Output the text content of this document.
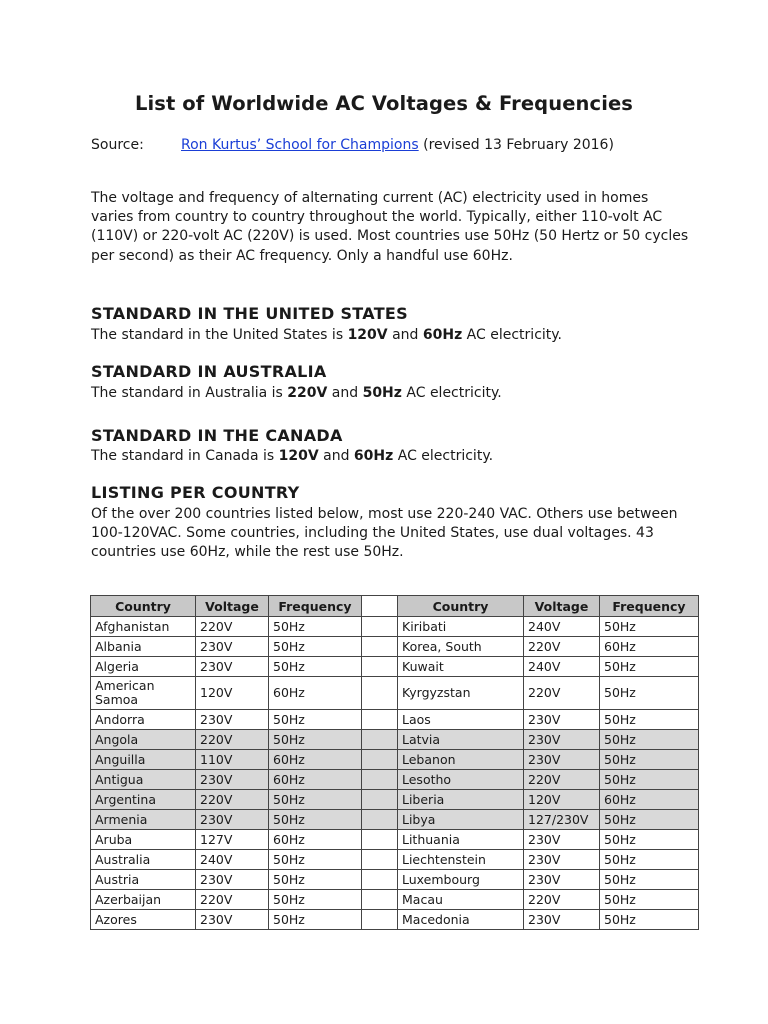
List of Worldwide AC Voltages & Frequencies
Source:	Ron Kurtus’ School for Champions (revised 13 February 2016)

The voltage and frequency of alternating current (AC) electricity used in homes varies from country to country throughout the world. Typically, either 110-volt AC (110V) or 220-volt AC (220V) is used. Most countries use 50Hz (50 Hertz or 50 cycles per second) as their AC frequency. Only a handful use 60Hz.

STANDARD IN THE UNITED STATES

The standard in the United States is 120V and 60Hz AC electricity.

STANDARD IN AUSTRALIA

The standard in Australia is 220V and 50Hz AC electricity.

STANDARD IN THE CANADA

The standard in Canada is 120V and 60Hz AC electricity.

LISTING PER COUNTRY

Of the over 200 countries listed below, most use 220-240 VAC. Others use between 100-120VAC. Some countries, including the United States, use dual voltages. 43 countries use 60Hz, while the rest use 50Hz.

Country	Voltage	Frequency		Country	Voltage	Frequency
Afghanistan	220V	50Hz		Kiribati	240V	50Hz
Albania	230V	50Hz		Korea, South	220V	60Hz
Algeria	230V	50Hz		Kuwait	240V	50Hz
American Samoa	120V	60Hz		Kyrgyzstan	220V	50Hz
Andorra	230V	50Hz		Laos	230V	50Hz
Angola	220V	50Hz		Latvia	230V	50Hz
Anguilla	110V	60Hz		Lebanon	230V	50Hz
Antigua	230V	60Hz		Lesotho	220V	50Hz
Argentina	220V	50Hz		Liberia	120V	60Hz
Armenia	230V	50Hz		Libya	127/230V	50Hz
Aruba	127V	60Hz		Lithuania	230V	50Hz
Australia	240V	50Hz		Liechtenstein	230V	50Hz
Austria	230V	50Hz		Luxembourg	230V	50Hz
Azerbaijan	220V	50Hz		Macau	220V	50Hz
Azores	230V	50Hz		Macedonia	230V	50Hz
